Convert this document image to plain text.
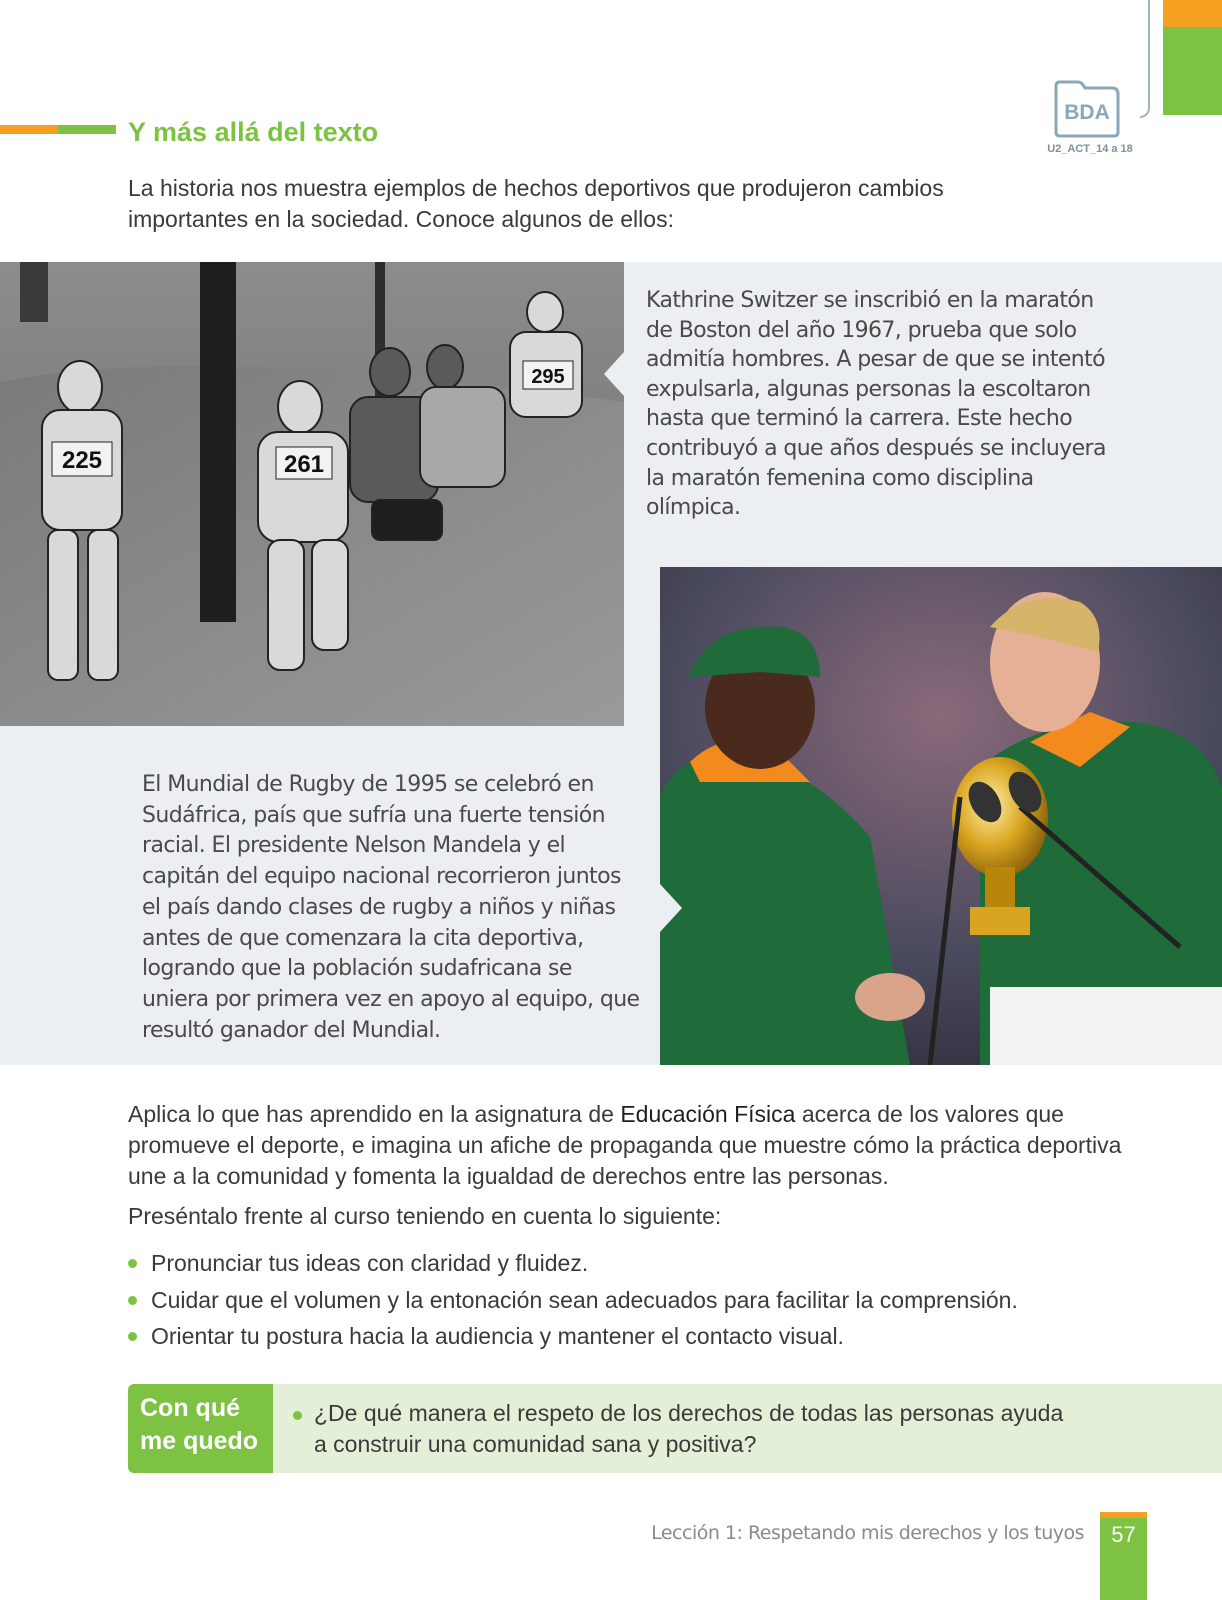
BDA
U2_ACT_14 a 18
Y más allá del texto

La historia nos muestra ejemplos de hechos deportivos que produjeron cambios importantes en la sociedad. Conoce algunos de ellos:

225	261
295

Kathrine Switzer se inscribió en la maratón de Boston del año 1967, prueba que solo admitía hombres. A pesar de que se intentó expulsarla, algunas personas la escoltaron hasta que terminó la carrera. Este hecho contribuyó a que años después se incluyera la maratón femenina como disciplina olímpica.

El Mundial de Rugby de 1995 se celebró en Sudáfrica, país que sufría una fuerte tensión racial. El presidente Nelson Mandela y el capitán del equipo nacional recorrieron juntos el país dando clases de rugby a niños y niñas antes de que comenzara la cita deportiva, logrando que la población sudafricana se uniera por primera vez en apoyo al equipo, que resultó ganador del Mundial.

Aplica lo que has aprendido en la asignatura de Educación Física acerca de los valores que promueve el deporte, e imagina un afiche de propaganda que muestre cómo la práctica deportiva une a la comunidad y fomenta la igualdad de derechos entre las personas.

Preséntalo frente al curso teniendo en cuenta lo siguiente:

Pronunciar tus ideas con claridad y fluidez.
Cuidar que el volumen y la entonación sean adecuados para facilitar la comprensión.
Orientar tu postura hacia la audiencia y mantener el contacto visual.
Con qué me quedo

¿De qué manera el respeto de los derechos de todas las personas ayuda a construir una comunidad sana y positiva?

Lección 1: Respetando mis derechos y los tuyos	57
